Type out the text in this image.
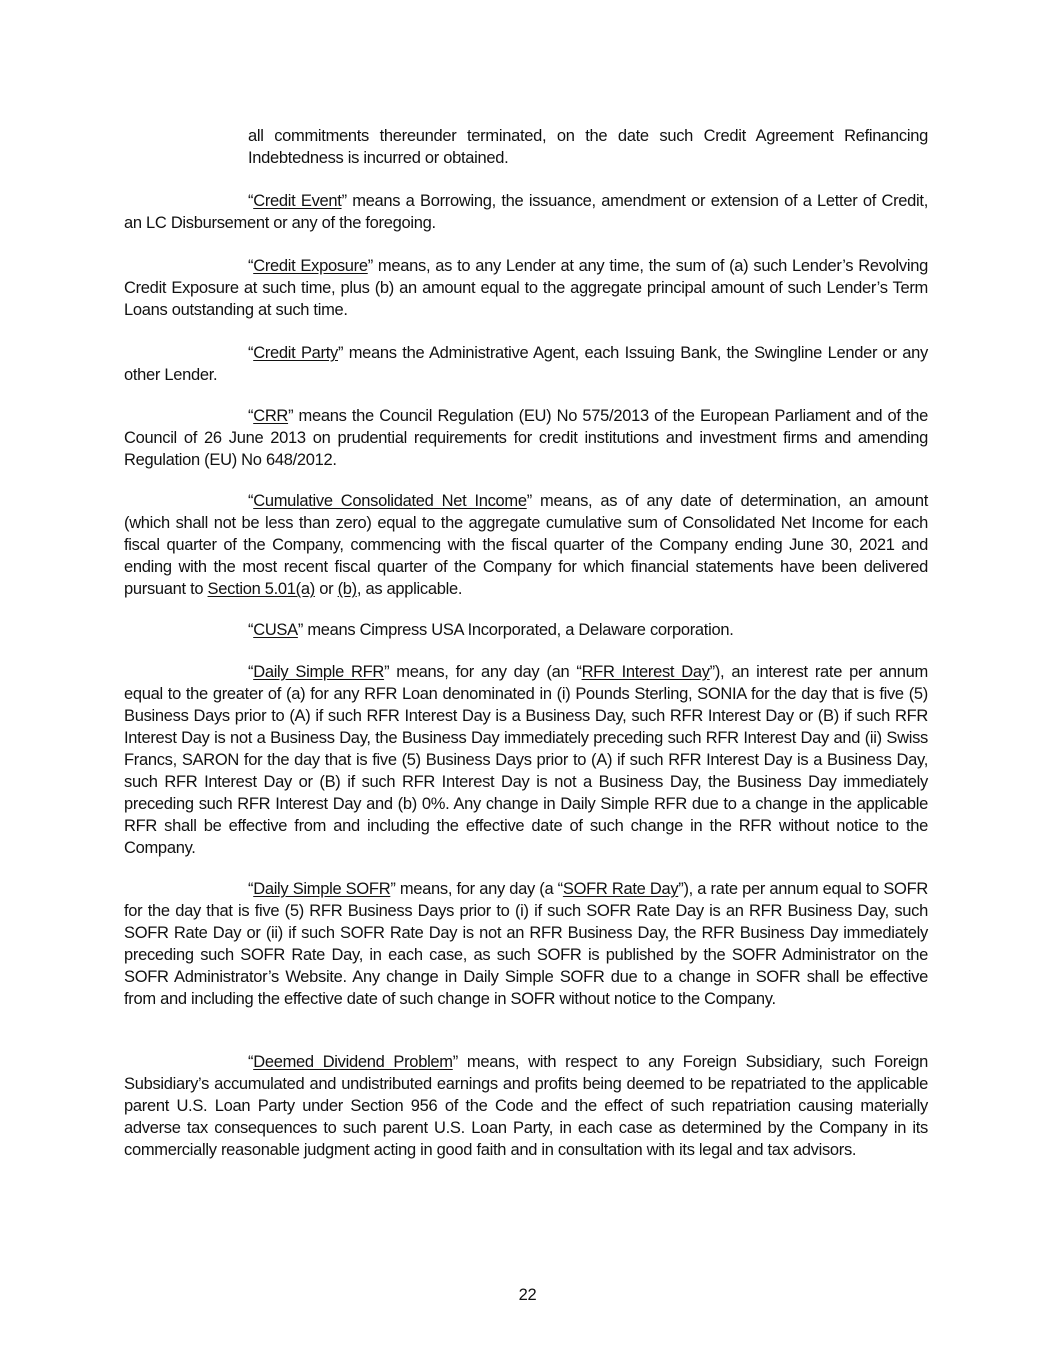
all commitments thereunder terminated, on the date such Credit Agreement Refinancing Indebtedness is incurred or obtained.

“Credit Event” means a Borrowing, the issuance, amendment or extension of a Letter of Credit, an LC Disbursement or any of the foregoing.

“Credit Exposure” means, as to any Lender at any time, the sum of (a) such Lender’s Revolving Credit Exposure at such time, plus (b) an amount equal to the aggregate principal amount of such Lender’s Term Loans outstanding at such time.

“Credit Party” means the Administrative Agent, each Issuing Bank, the Swingline Lender or any other Lender.

“CRR” means the Council Regulation (EU) No 575/2013 of the European Parliament and of the Council of 26 June 2013 on prudential requirements for credit institutions and investment firms and amending Regulation (EU) No 648/2012.

“Cumulative Consolidated Net Income” means, as of any date of determination, an amount (which shall not be less than zero) equal to the aggregate cumulative sum of Consolidated Net Income for each fiscal quarter of the Company, commencing with the fiscal quarter of the Company ending June 30, 2021 and ending with the most recent fiscal quarter of the Company for which financial statements have been delivered pursuant to Section 5.01(a) or (b), as applicable.

“CUSA” means Cimpress USA Incorporated, a Delaware corporation.

“Daily Simple RFR” means, for any day (an “RFR Interest Day”), an interest rate per annum equal to the greater of (a) for any RFR Loan denominated in (i) Pounds Sterling, SONIA for the day that is five (5) Business Days prior to (A) if such RFR Interest Day is a Business Day, such RFR Interest Day or (B) if such RFR Interest Day is not a Business Day, the Business Day immediately preceding such RFR Interest Day and (ii) Swiss Francs, SARON for the day that is five (5) Business Days prior to (A) if such RFR Interest Day is a Business Day, such RFR Interest Day or (B) if such RFR Interest Day is not a Business Day, the Business Day immediately preceding such RFR Interest Day and (b) 0%. Any change in Daily Simple RFR due to a change in the applicable RFR shall be effective from and including the effective date of such change in the RFR without notice to the Company.

“Daily Simple SOFR” means, for any day (a “SOFR Rate Day”), a rate per annum equal to SOFR for the day that is five (5) RFR Business Days prior to (i) if such SOFR Rate Day is an RFR Business Day, such SOFR Rate Day or (ii) if such SOFR Rate Day is not an RFR Business Day, the RFR Business Day immediately preceding such SOFR Rate Day, in each case, as such SOFR is published by the SOFR Administrator on the SOFR Administrator’s Website. Any change in Daily Simple SOFR due to a change in SOFR shall be effective from and including the effective date of such change in SOFR without notice to the Company.

“Deemed Dividend Problem” means, with respect to any Foreign Subsidiary, such Foreign Subsidiary’s accumulated and undistributed earnings and profits being deemed to be repatriated to the applicable parent U.S. Loan Party under Section 956 of the Code and the effect of such repatriation causing materially adverse tax consequences to such parent U.S. Loan Party, in each case as determined by the Company in its commercially reasonable judgment acting in good faith and in consultation with its legal and tax advisors.

22
